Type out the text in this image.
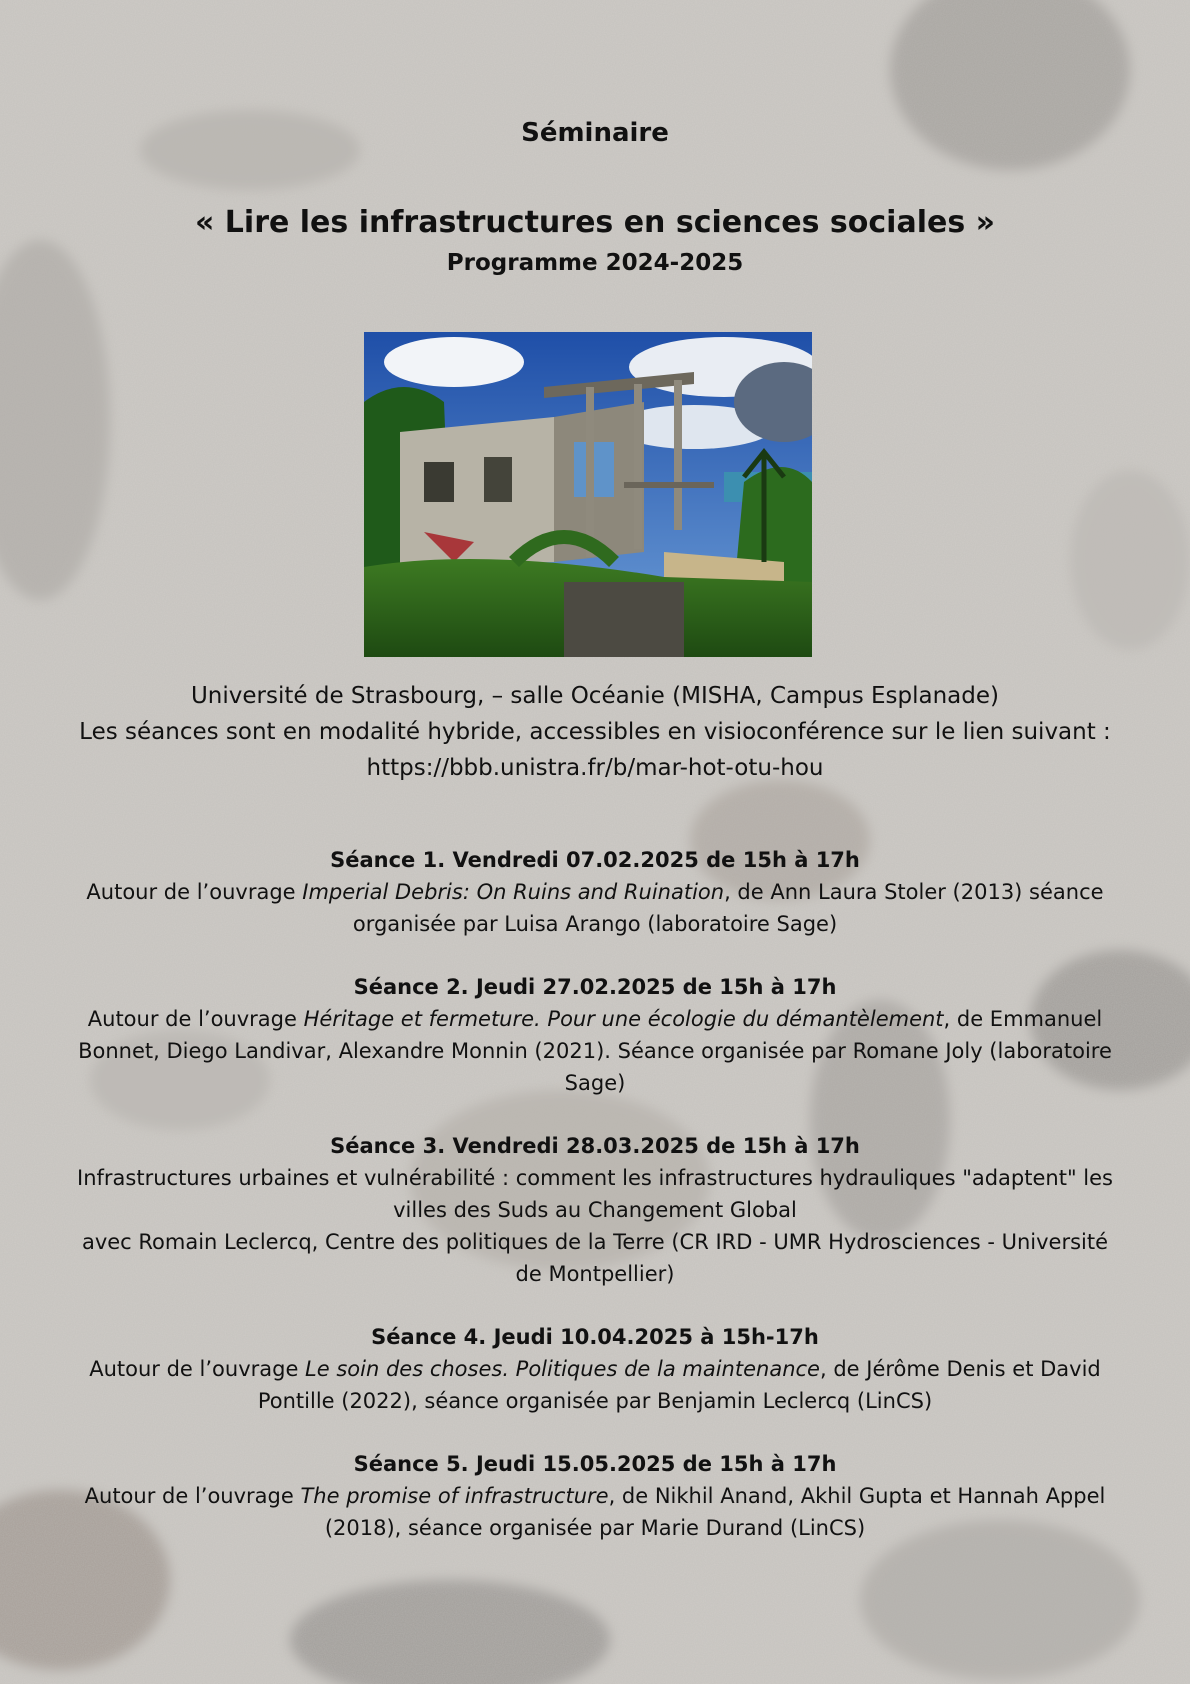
Séminaire
« Lire les infrastructures en sciences sociales »
Programme 2024-2025

Université de Strasbourg, – salle Océanie (MISHA, Campus Esplanade)

Les séances sont en modalité hybride, accessibles en visioconférence sur le lien suivant : https://bbb.unistra.fr/b/mar-hot-otu-hou

Séance 1. Vendredi 07.02.2025 de 15h à 17h
Autour de l’ouvrage Imperial Debris: On Ruins and Ruination, de Ann Laura Stoler (2013) séance organisée par Luisa Arango (laboratoire Sage)
Séance 2. Jeudi 27.02.2025 de 15h à 17h
Autour de l’ouvrage Héritage et fermeture. Pour une écologie du démantèlement, de Emmanuel Bonnet, Diego Landivar, Alexandre Monnin (2021). Séance organisée par Romane Joly (laboratoire Sage)
Séance 3. Vendredi 28.03.2025 de 15h à 17h
Infrastructures urbaines et vulnérabilité : comment les infrastructures hydrauliques "adaptent" les villes des Suds au Changement Global
avec Romain Leclercq, Centre des politiques de la Terre (CR IRD - UMR Hydrosciences - Université de Montpellier)
Séance 4. Jeudi 10.04.2025 à 15h-17h
Autour de l’ouvrage Le soin des choses. Politiques de la maintenance, de Jérôme Denis et David Pontille (2022), séance organisée par Benjamin Leclercq (LinCS)
Séance 5. Jeudi 15.05.2025 de 15h à 17h
Autour de l’ouvrage The promise of infrastructure, de Nikhil Anand, Akhil Gupta et Hannah Appel (2018), séance organisée par Marie Durand (LinCS)
